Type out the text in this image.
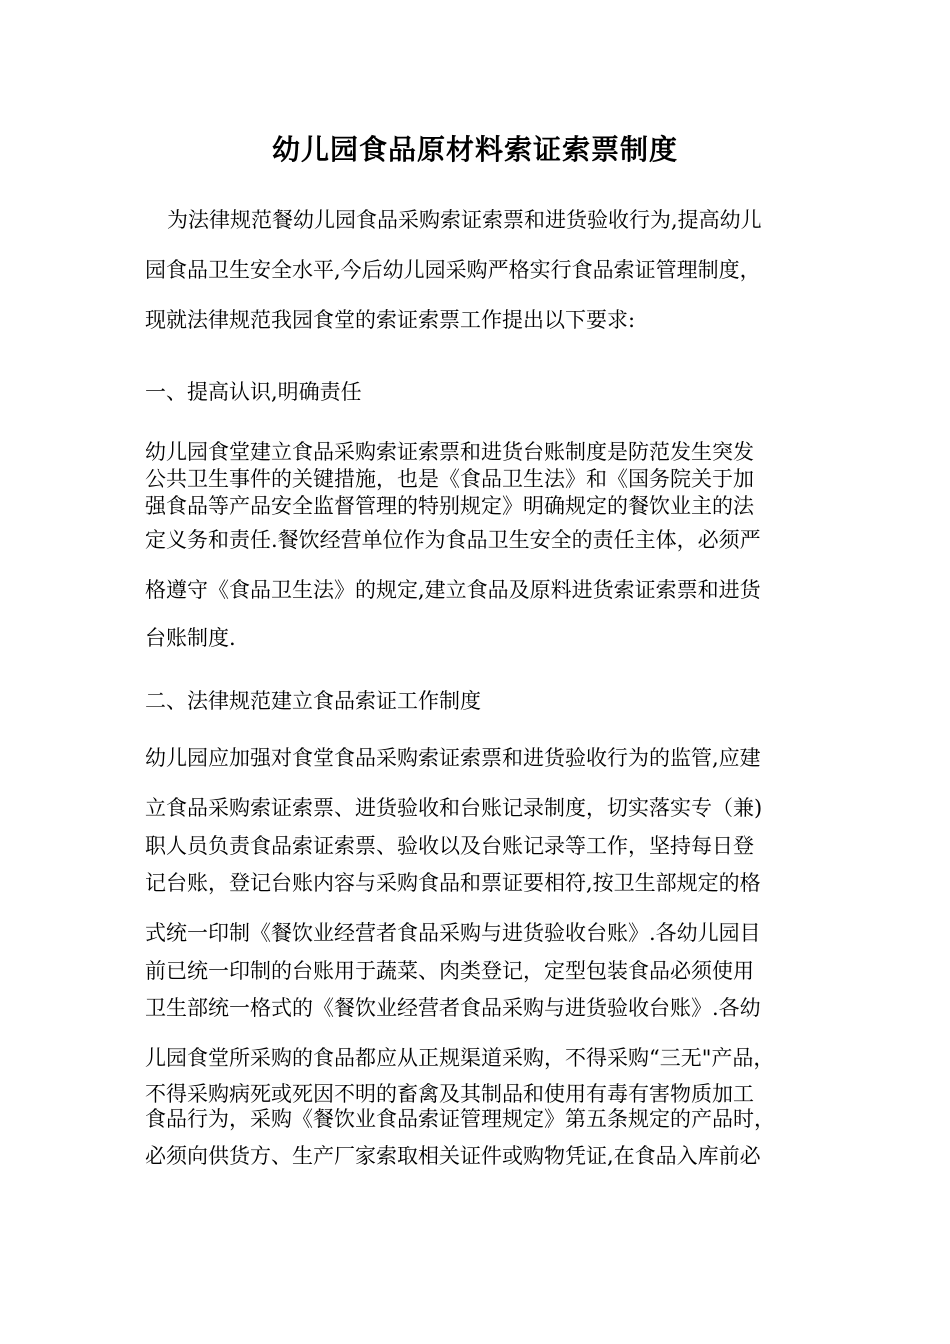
幼儿园食品原材料索证索票制度
为法律规范餐幼儿园食品采购索证索票和进货验收行为,提高幼儿
园食品卫生安全水平,今后幼儿园采购严格实行食品索证管理制度，
现就法律规范我园食堂的索证索票工作提出以下要求:
一、提高认识,明确责任
幼儿园食堂建立食品采购索证索票和进货台账制度是防范发生突发
公共卫生事件的关键措施，也是《食品卫生法》和《国务院关于加
强食品等产品安全监督管理的特别规定》明确规定的餐饮业主的法
定义务和责任.餐饮经营单位作为食品卫生安全的责任主体，必须严
格遵守《食品卫生法》的规定,建立食品及原料进货索证索票和进货
台账制度.
二、法律规范建立食品索证工作制度
幼儿园应加强对食堂食品采购索证索票和进货验收行为的监管,应建
立食品采购索证索票、进货验收和台账记录制度，切实落实专（兼)
职人员负责食品索证索票、验收以及台账记录等工作，坚持每日登
记台账，登记台账内容与采购食品和票证要相符,按卫生部规定的格
式统一印制《餐饮业经营者食品采购与进货验收台账》.各幼儿园目
前已统一印制的台账用于蔬菜、肉类登记，定型包装食品必须使用
卫生部统一格式的《餐饮业经营者食品采购与进货验收台账》.各幼
儿园食堂所采购的食品都应从正规渠道采购，不得采购“三无"产品，
不得采购病死或死因不明的畜禽及其制品和使用有毒有害物质加工
食品行为，采购《餐饮业食品索证管理规定》第五条规定的产品时，
必须向供货方、生产厂家索取相关证件或购物凭证,在食品入库前必
